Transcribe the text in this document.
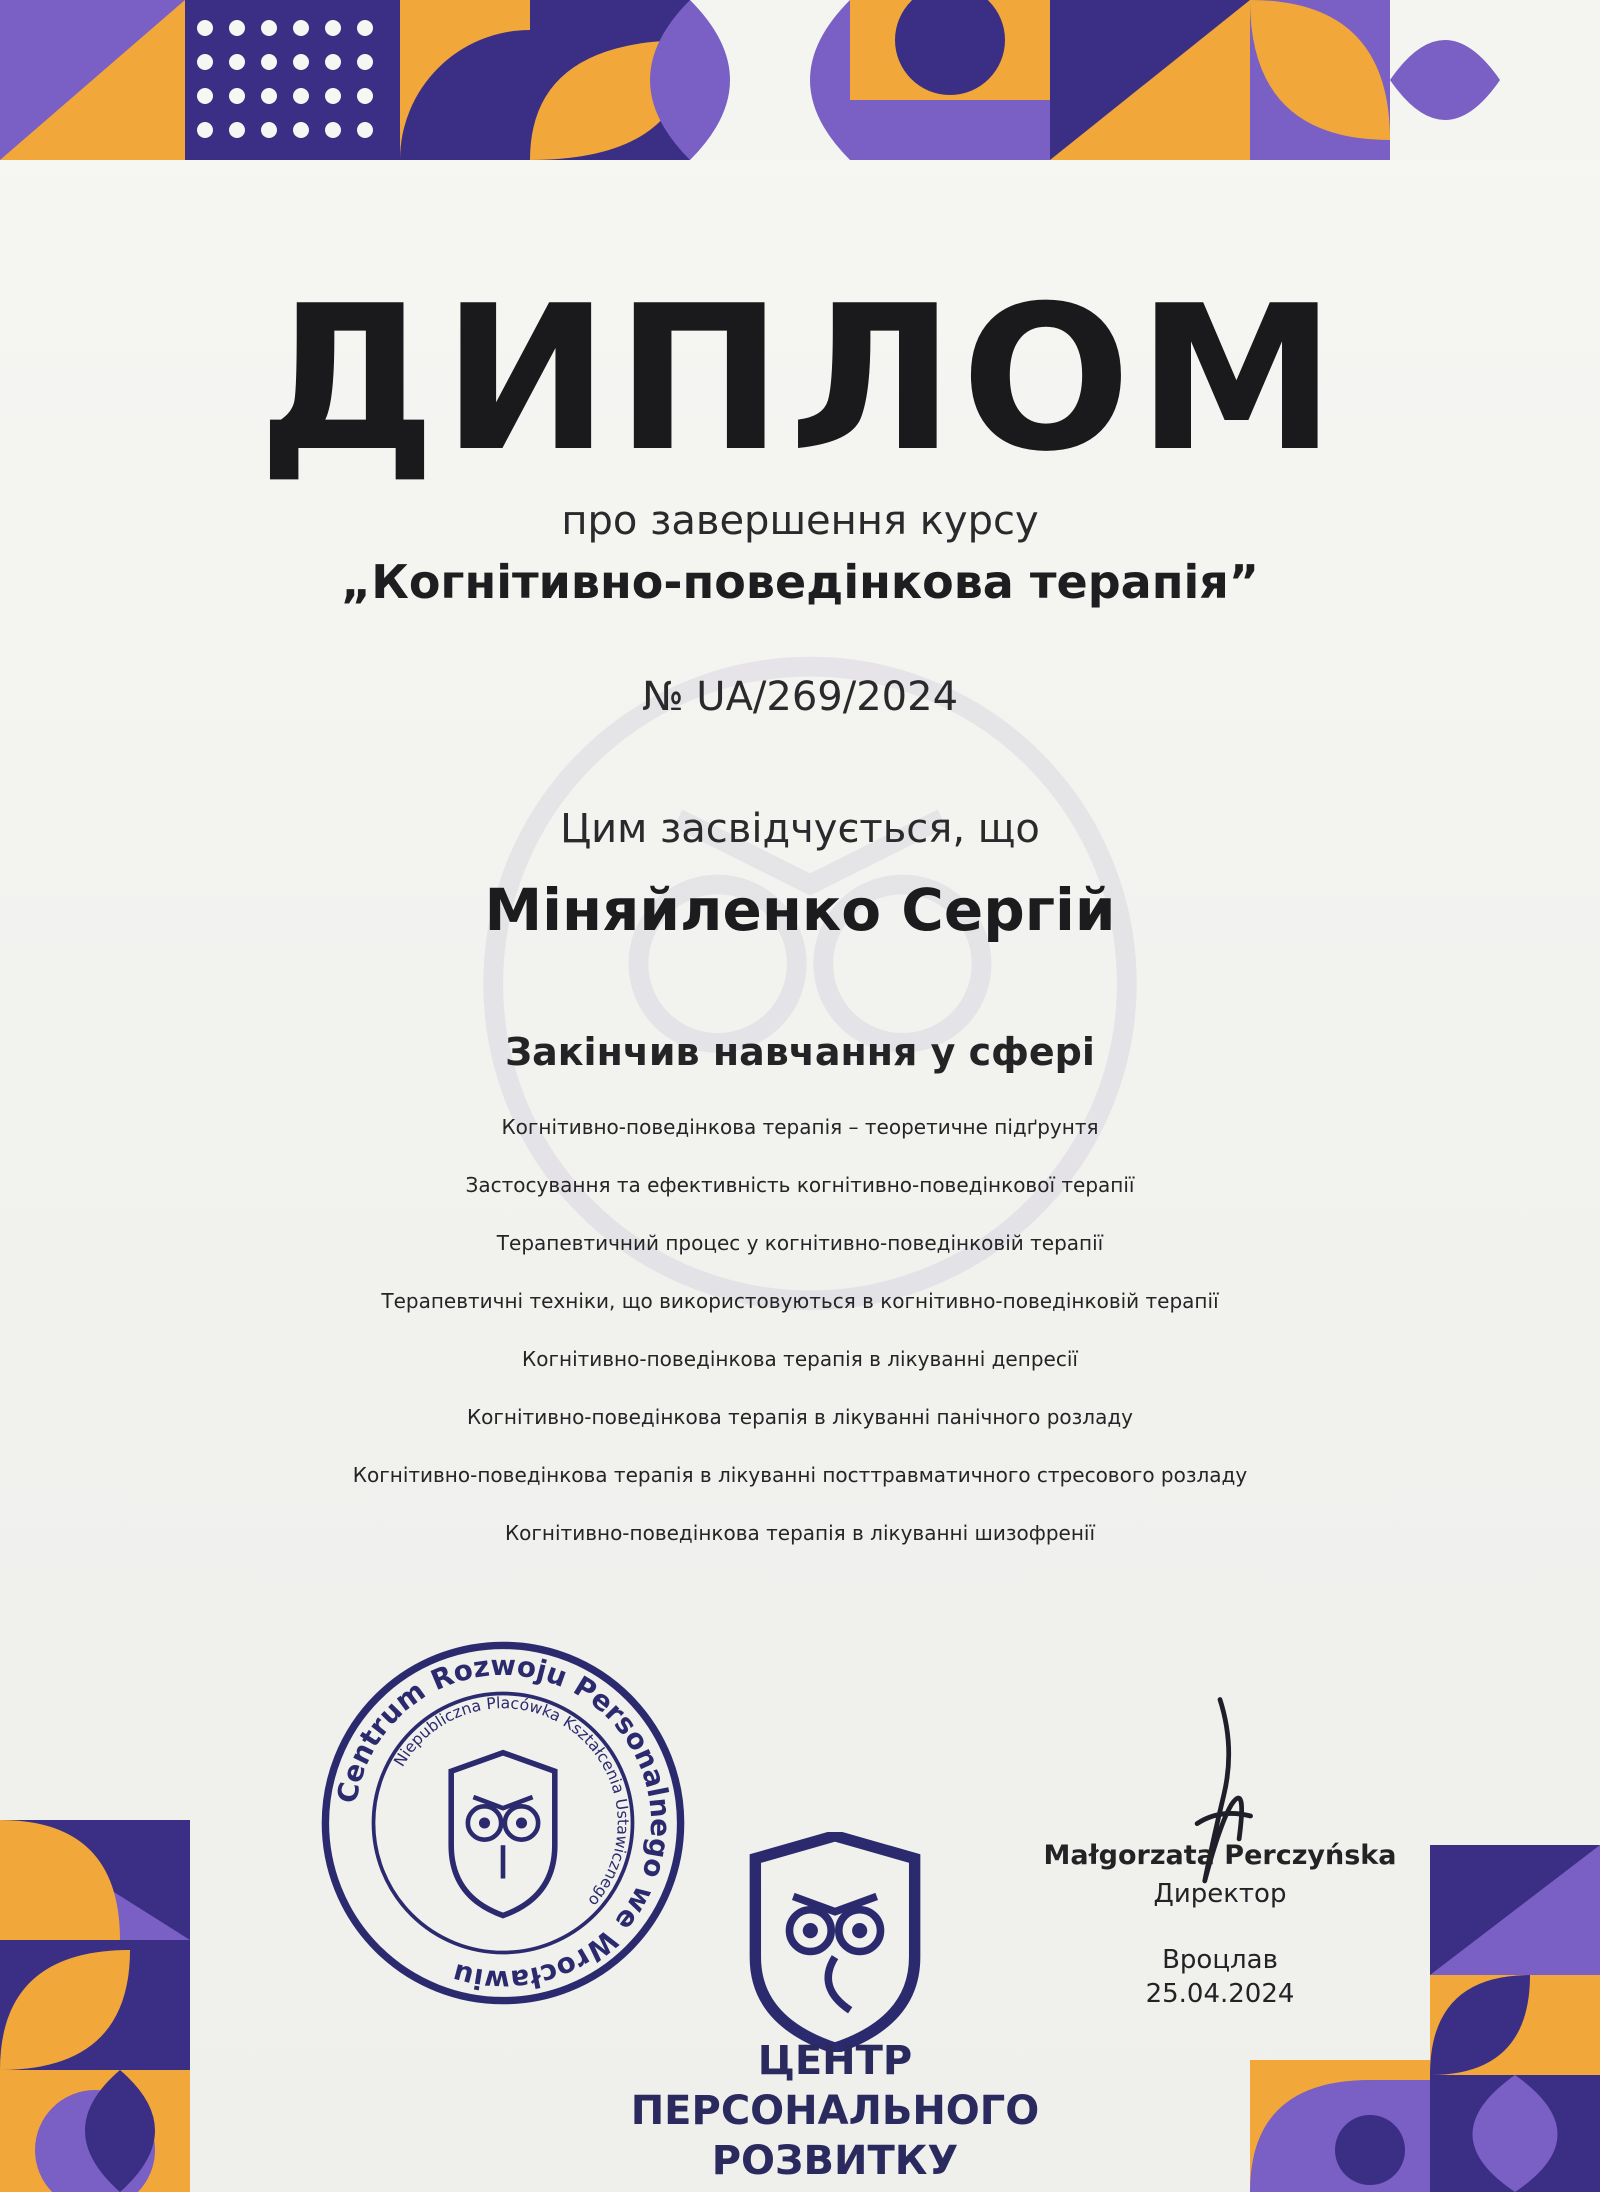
ДИПЛОМ
про завершення курсу
„Когнітивно-поведінкова терапія”
№ UA/269/2024
Цим засвідчується, що
Міняйленко Сергій
Закінчив навчання у сфері
Когнітивно-поведінкова терапія – теоретичне підґрунтя
Застосування та ефективність когнітивно-поведінкової терапії
Терапевтичний процес у когнітивно-поведінковій терапії
Терапевтичні техніки, що використовуються в когнітивно-поведінковій терапії
Когнітивно-поведінкова терапія в лікуванні депресії
Когнітивно-поведінкова терапія в лікуванні панічного розладу
Когнітивно-поведінкова терапія в лікуванні посттравматичного стресового розладу
Когнітивно-поведінкова терапія в лікуванні шизофренії
Centrum Rozwoju Personalnego we Wrocławiu
Niepubliczna Placówka Kształcenia Ustawicznego
ЦЕНТР
ПЕРСОНАЛЬНОГО
РОЗВИТКУ
Małgorzata Perczyńska
Директор
Вроцлав
25.04.2024
